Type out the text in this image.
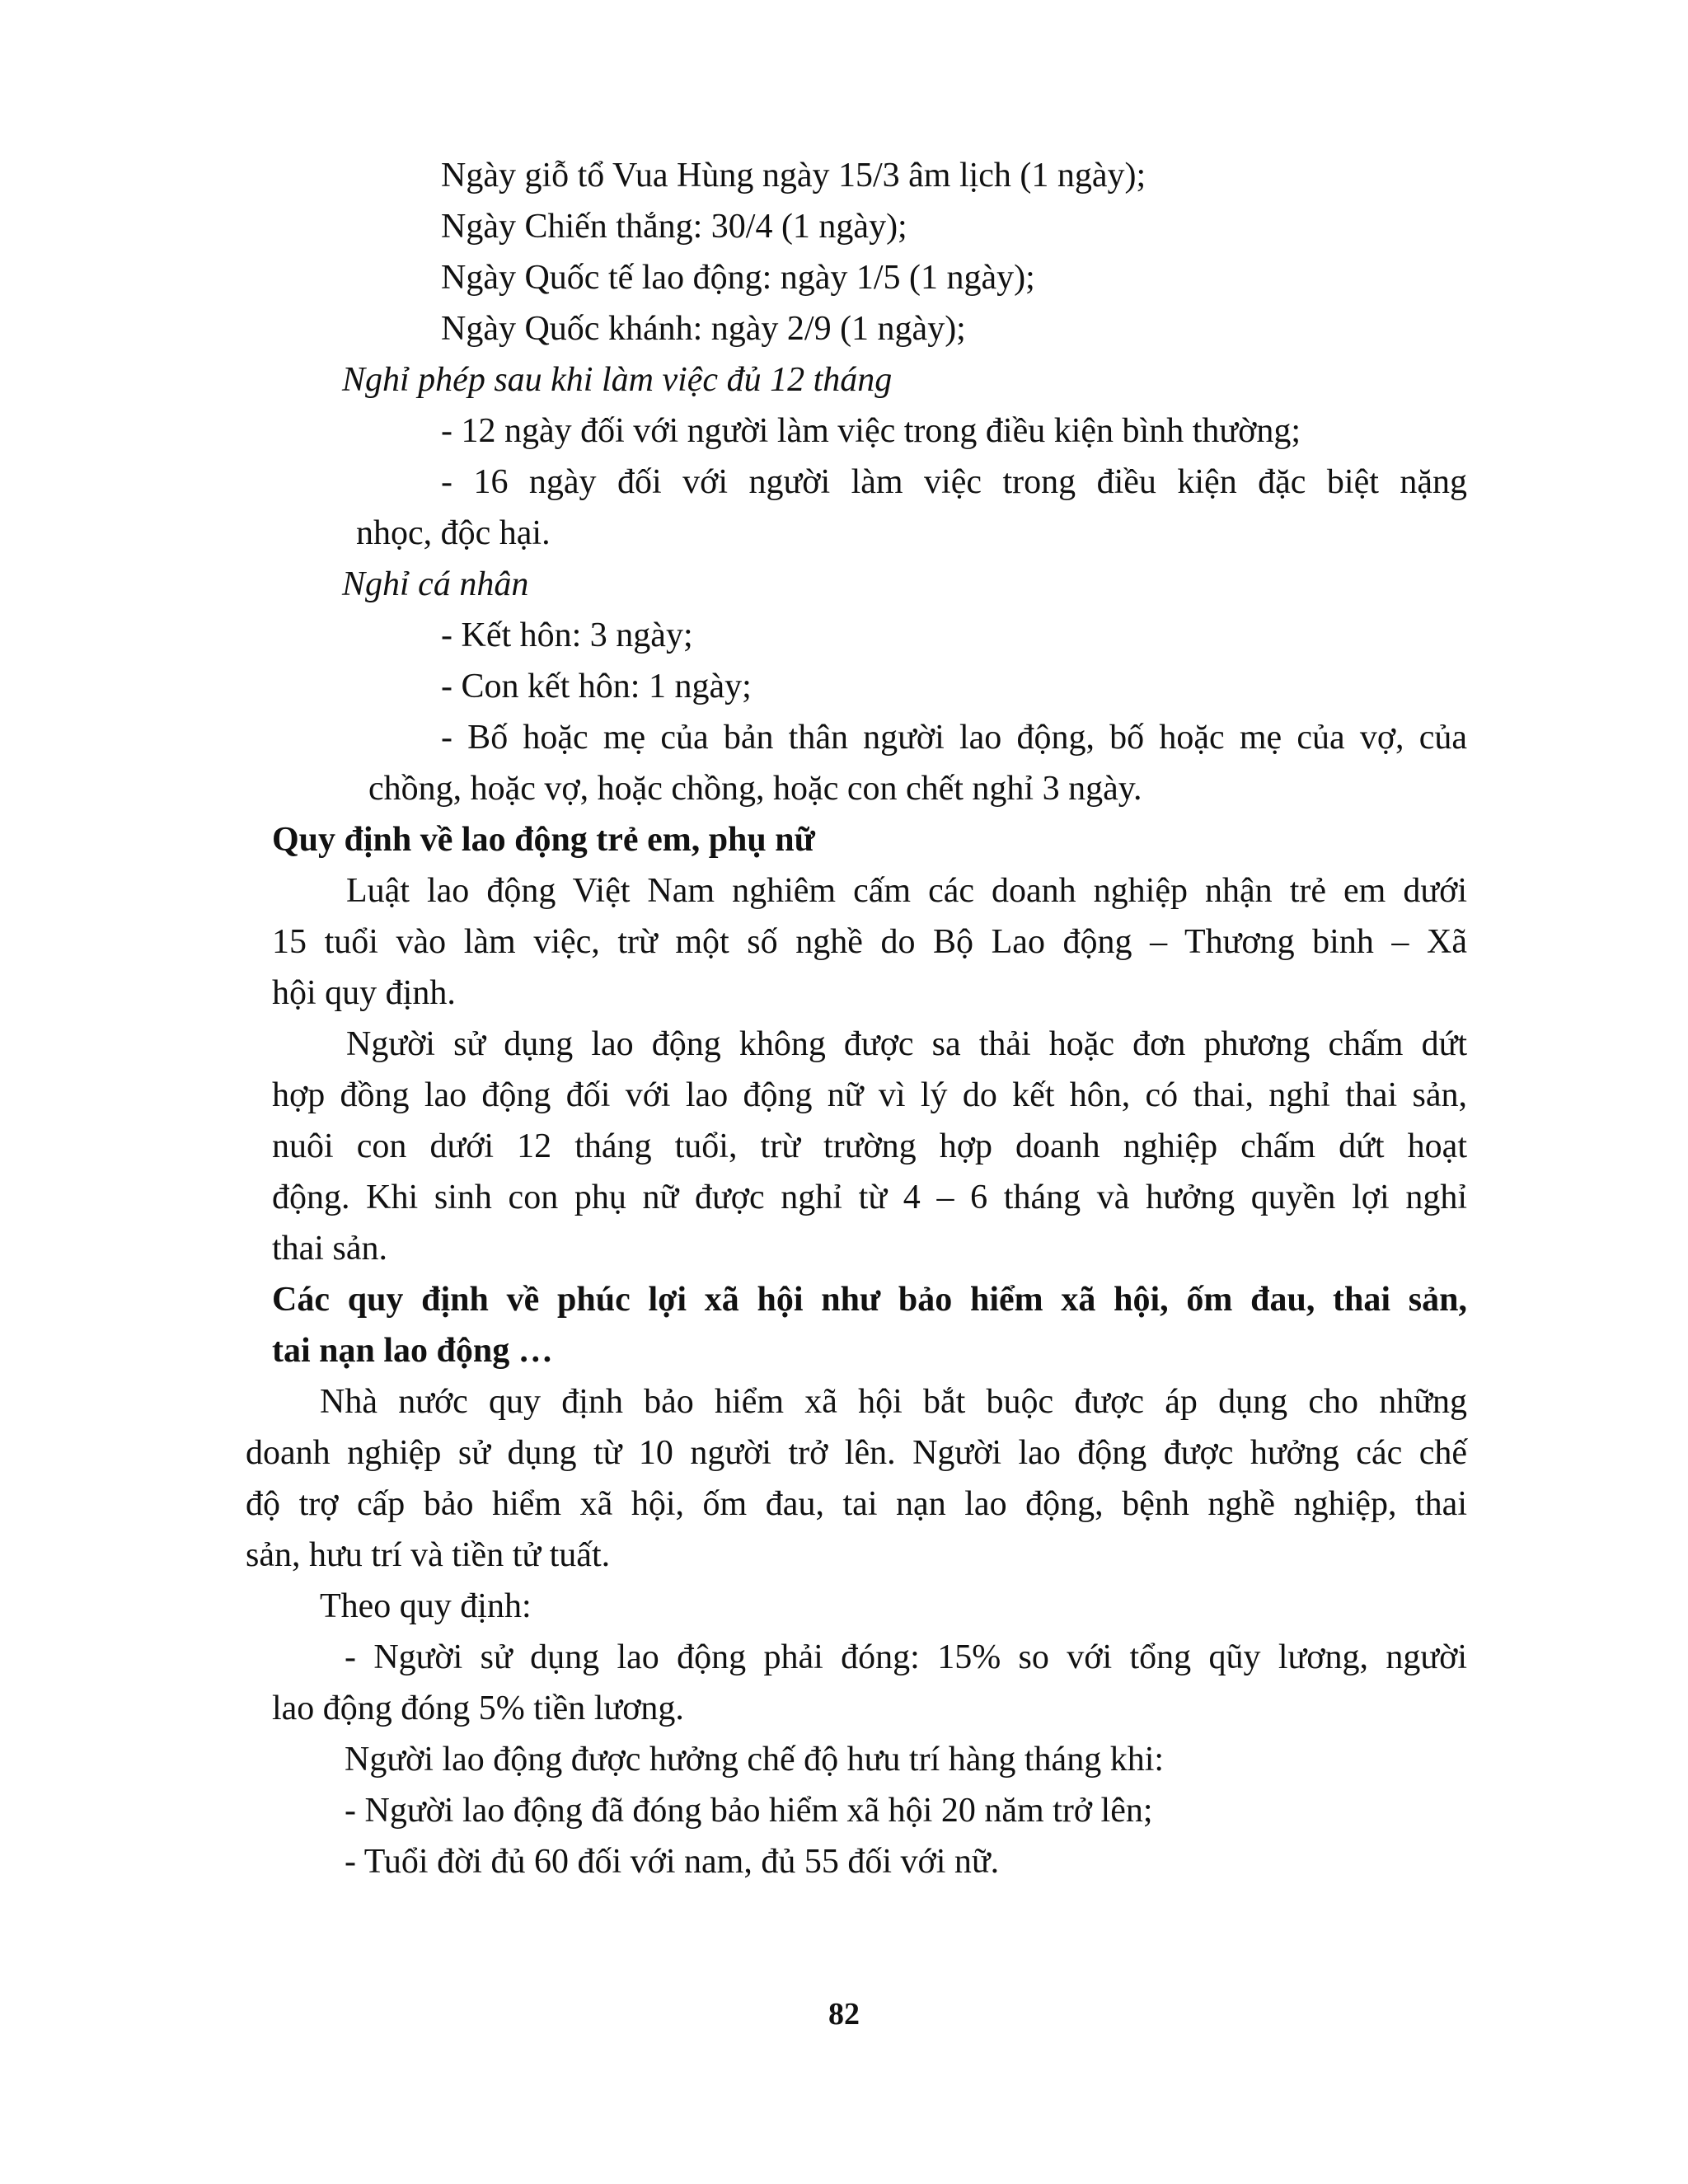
Ngày giỗ tổ Vua Hùng ngày 15/3 âm lịch (1 ngày);
Ngày Chiến thắng: 30/4 (1 ngày);
Ngày Quốc tế lao động: ngày 1/5 (1 ngày);
Ngày Quốc khánh: ngày 2/9 (1 ngày);
Nghỉ phép sau khi làm việc đủ 12 tháng
- 12 ngày đối với người làm việc trong điều kiện bình thường;
- 16 ngày đối với người làm việc trong điều kiện đặc biệt nặng
nhọc, độc hại.
Nghỉ cá nhân
- Kết hôn: 3 ngày;
- Con kết hôn: 1 ngày;
- Bố hoặc mẹ của bản thân người lao động, bố hoặc mẹ của vợ, của
chồng, hoặc vợ, hoặc chồng, hoặc con chết nghỉ 3 ngày.
Quy định về lao động trẻ em, phụ nữ
Luật lao động Việt Nam nghiêm cấm các doanh nghiệp nhận trẻ em dưới
15 tuổi vào làm việc, trừ một số nghề do Bộ Lao động – Thương binh – Xã
hội quy định.
Người sử dụng lao động không được sa thải hoặc đơn phương chấm dứt
hợp đồng lao động đối với lao động nữ vì lý do kết hôn, có thai, nghỉ thai sản,
nuôi con dưới 12 tháng tuổi, trừ trường hợp doanh nghiệp chấm dứt hoạt
động. Khi sinh con phụ nữ được nghỉ từ 4 – 6 tháng và hưởng quyền lợi nghỉ
thai sản.
Các quy định về phúc lợi xã hội như bảo hiểm xã hội, ốm đau, thai sản,
tai nạn lao động …
Nhà nước quy định bảo hiểm xã hội bắt buộc được áp dụng cho những
doanh nghiệp sử dụng từ 10 người trở lên. Người lao động được hưởng các chế
độ trợ cấp bảo hiểm xã hội, ốm đau, tai nạn lao động, bệnh nghề nghiệp, thai
sản, hưu trí và tiền tử tuất.
Theo quy định:
- Người sử dụng lao động phải đóng: 15% so với tổng qũy lương, người
lao động đóng 5% tiền lương.
Người lao động được hưởng chế độ hưu trí hàng tháng khi:
- Người lao động đã đóng bảo hiểm xã hội 20 năm trở lên;
- Tuổi đời đủ 60 đối với nam, đủ 55 đối với nữ.
82
